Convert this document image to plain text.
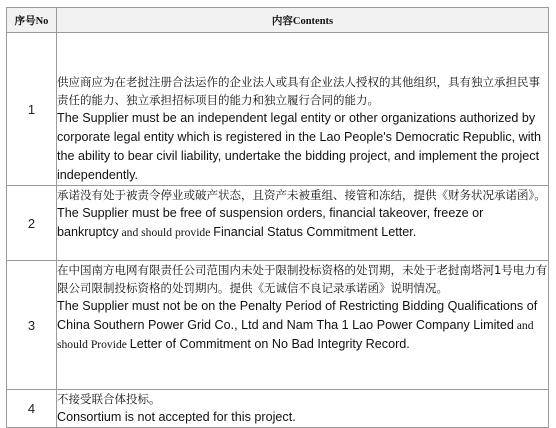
序号No	内容Contents
1	供应商应为在老挝注册合法运作的企业法人或具有企业法人授权的其他组织，具有独立承担民事责任的能力、独立承担招标项目的能力和独立履行合同的能力。
The Supplier must be an independent legal entity or other organizations authorized by corporate legal entity which is registered in the Lao People's Democratic Republic, with the ability to bear civil liability, undertake the bidding project, and implement the project independently.

2	承诺没有处于被责令停业或破产状态，且资产未被重组、接管和冻结，提供《财务状况承诺函》。
The Supplier must be free of suspension orders, financial takeover, freeze or bankruptcy and should provide Financial Status Commitment Letter.

3	在中国南方电网有限责任公司范围内未处于限制投标资格的处罚期，未处于老挝南塔河1号电力有限公司限制投标资格的处罚期内。提供《无诚信不良记录承诺函》说明情况。
The Supplier must not be on the Penalty Period of Restricting Bidding Qualifications of China Southern Power Grid Co., Ltd and Nam Tha 1 Lao Power Company Limited and should Provide Letter of Commitment on No Bad Integrity Record.

4	不接受联合体投标。
Consortium is not accepted for this project.
